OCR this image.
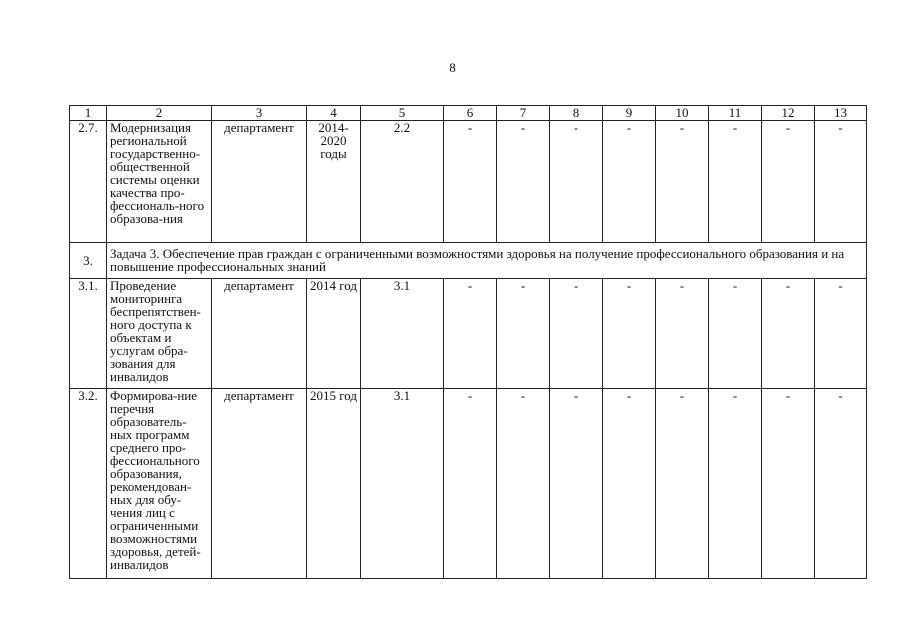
8
1	2	3	4	5	6	7	8	9	10	11	12	13
2.7.	Модернизация региональной государственно-общественной системы оценки качества про-фессиональ-ного образова-ния	департамент	2014-2020 годы	2.2	-	-	-	-	-	-	-	-
3.	Задача 3. Обеспечение прав граждан с ограниченными возможностями здоровья на получение профессионального образования и на повышение профессиональных знаний											
3.1.	Проведение мониторинга беспрепятствен-ного доступа к объектам и услугам обра-зования для инвалидов	департамент	2014 год	3.1	-	-	-	-	-	-	-	-
3.2.	Формирова-ние перечня образователь-ных программ среднего про-фессионального образования, рекомендован-ных для обу-чения лиц с ограниченными возможностями здоровья, детей-инвалидов	департамент	2015 год	3.1	-	-	-	-	-	-	-	-
